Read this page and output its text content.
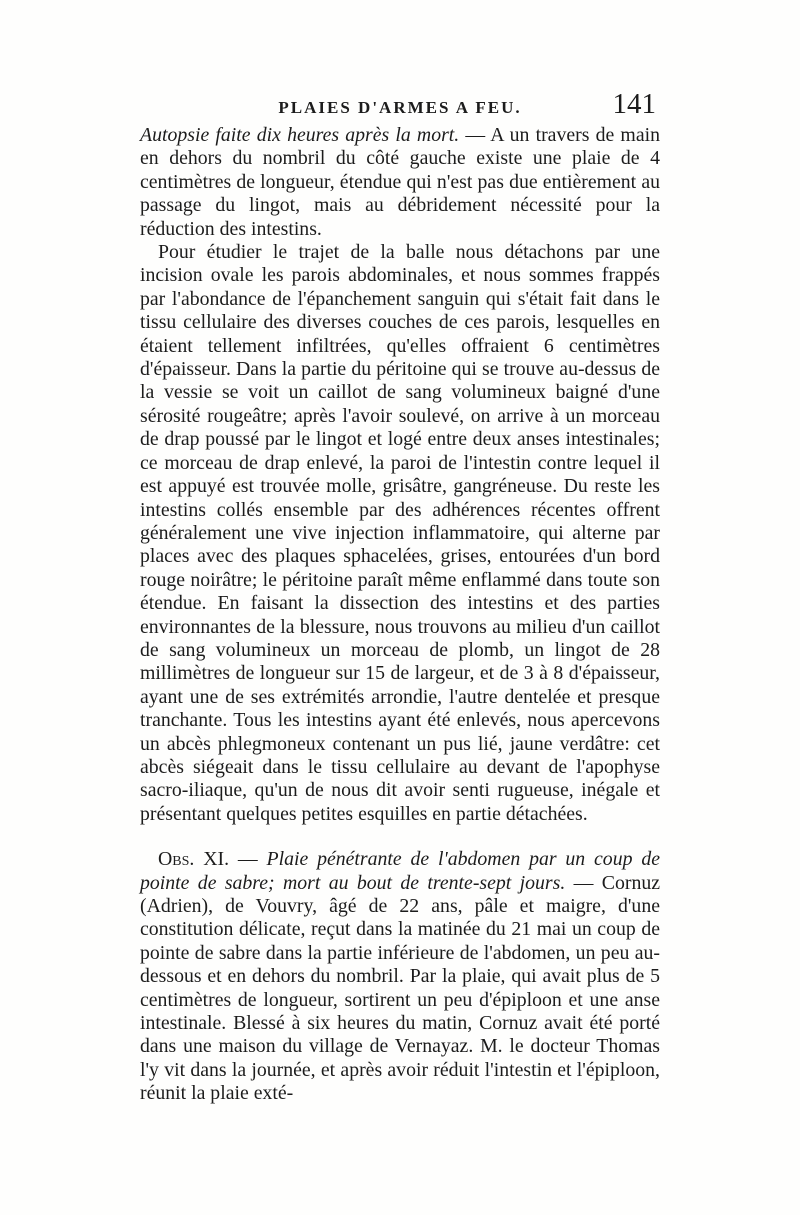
PLAIES D'ARMES A FEU.	141

Autopsie faite dix heures après la mort. — A un travers de main en dehors du nombril du côté gauche existe une plaie de 4 centimètres de longueur, étendue qui n'est pas due entièrement au passage du lingot, mais au débridement nécessité pour la réduction des intestins.

Pour étudier le trajet de la balle nous détachons par une incision ovale les parois abdominales, et nous sommes frappés par l'abondance de l'épanchement sanguin qui s'était fait dans le tissu cellulaire des diverses couches de ces parois, lesquelles en étaient tellement infiltrées, qu'elles offraient 6 centimètres d'épaisseur. Dans la partie du péritoine qui se trouve au-dessus de la vessie se voit un caillot de sang volumineux baigné d'une sérosité rougeâtre; après l'avoir soulevé, on arrive à un morceau de drap poussé par le lingot et logé entre deux anses intestinales; ce morceau de drap enlevé, la paroi de l'intestin contre lequel il est appuyé est trouvée molle, grisâtre, gangréneuse. Du reste les intestins collés ensemble par des adhérences récentes offrent généralement une vive injection inflammatoire, qui alterne par places avec des plaques sphacelées, grises, entourées d'un bord rouge noirâtre; le péritoine paraît même enflammé dans toute son étendue. En faisant la dissection des intestins et des parties environnantes de la blessure, nous trouvons au milieu d'un caillot de sang volumineux un morceau de plomb, un lingot de 28 millimètres de longueur sur 15 de largeur, et de 3 à 8 d'épaisseur, ayant une de ses extrémités arrondie, l'autre dentelée et presque tranchante. Tous les intestins ayant été enlevés, nous apercevons un abcès phlegmoneux contenant un pus lié, jaune verdâtre: cet abcès siégeait dans le tissu cellulaire au devant de l'apophyse sacro-iliaque, qu'un de nous dit avoir senti rugueuse, inégale et présentant quelques petites esquilles en partie détachées.

Obs. XI. — Plaie pénétrante de l'abdomen par un coup de pointe de sabre; mort au bout de trente-sept jours. — Cornuz (Adrien), de Vouvry, âgé de 22 ans, pâle et maigre, d'une constitution délicate, reçut dans la matinée du 21 mai un coup de pointe de sabre dans la partie inférieure de l'abdomen, un peu au-dessous et en dehors du nombril. Par la plaie, qui avait plus de 5 centimètres de longueur, sortirent un peu d'épiploon et une anse intestinale. Blessé à six heures du matin, Cornuz avait été porté dans une maison du village de Vernayaz. M. le docteur Thomas l'y vit dans la journée, et après avoir réduit l'intestin et l'épiploon, réunit la plaie exté-
